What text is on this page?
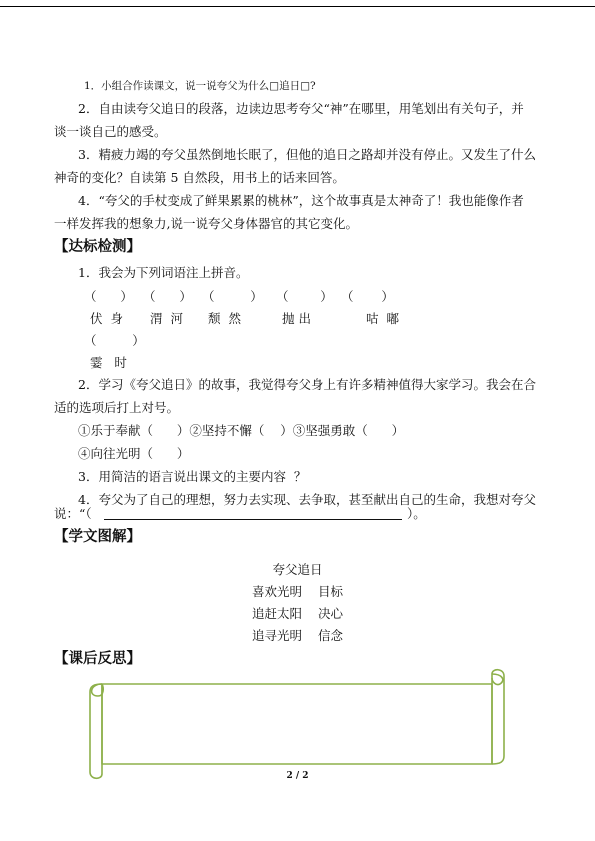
1．小组合作读课文，说一说夸父为什么□追日□?
2．自由读夸父追日的段落，边读边思考夸父“神”在哪里，用笔划出有关句子，并
谈一谈自己的感受。
3．精疲力竭的夸父虽然倒地长眠了，但他的追日之路却并没有停止。又发生了什么
神奇的变化？自读第 5 自然段，用书上的话来回答。
4．“夸父的手杖变成了鲜果累累的桃林”，这个故事真是太神奇了！我也能像作者
一样发挥我的想象力,说一说夸父身体器官的其它变化。
【达标检测】
1．我会为下列词语注上拼音。
（      ） （      ） （         ） （        ） （       ）
伏  身 渭  河 颓  然	抛 出	咕  嘟
（         ）
霎   时
2．学习《夸父追日》的故事，我觉得夸父身上有许多精神值得大家学习。我会在合
适的选项后打上对号。
①乐于奉献（      ）②坚持不懈（    ）③坚强勇敢（      ）
④向往光明（      ）
3．用简洁的语言说出课文的主要内容  ？
4．夸父为了自己的理想，努力去实现、去争取，甚至献出自己的生命，我想对夸父
说：“（	）。
【学文图解】
夸父追日
喜欢光明    目标
追赶太阳    决心
追寻光明    信念
【课后反思】
2 / 2
